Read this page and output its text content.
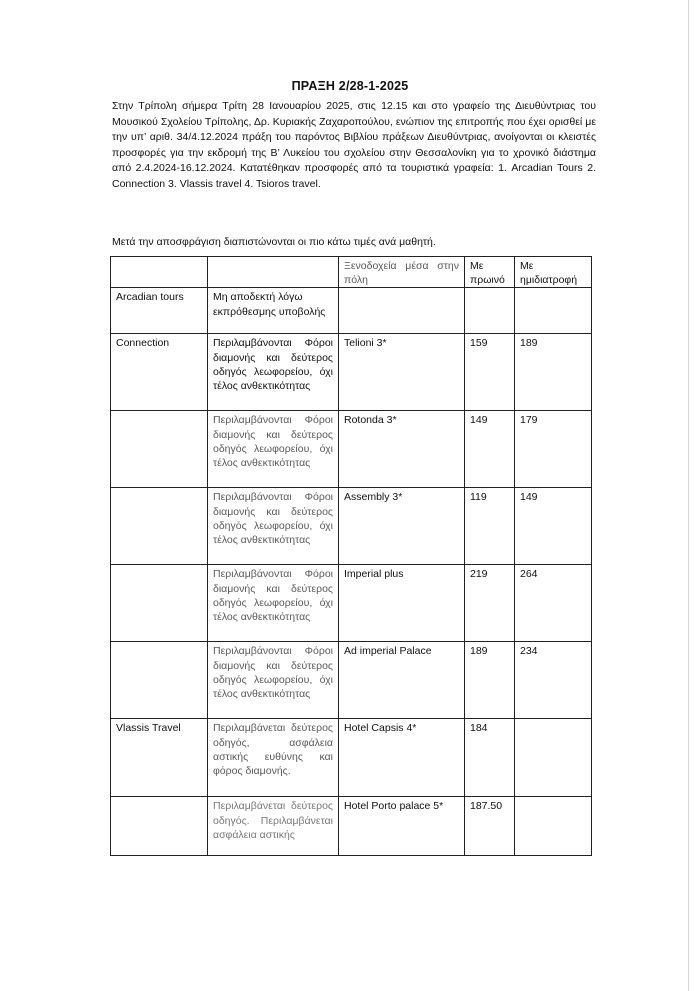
ΠΡΑΞΗ 2/28-1-2025
Στην Τρίπολη σήμερα Τρίτη 28 Ιανουαρίου 2025, στις 12.15 και στο γραφείο της Διευθύντριας του Μουσικού Σχολείου Τρίπολης, Δρ. Κυριακής Ζαχαροπούλου, ενώπιον της επιτροπής που έχει ορισθεί με την υπ’ αριθ. 34/4.12.2024 πράξη του παρόντος Βιβλίου πράξεων Διευθύντριας, ανοίγονται οι κλειστές προσφορές για την εκδρομή της Β’ Λυκείου του σχολείου στην Θεσσαλονίκη για το χρονικό διάστημα από 2.4.2024-16.12.2024. Κατατέθηκαν προσφορές από τα τουριστικά γραφεία: 1. Arcadian Tours 2. Connection 3. Vlassis travel 4. Tsioros travel.
Μετά την αποσφράγιση διαπιστώνονται οι πιο κάτω τιμές ανά μαθητή.
		Ξενοδοχεία μέσα στην πόλη	Με πρωινό	Με ημιδιατροφή
Arcadian tours	Μη αποδεκτή λόγω εκπρόθεσμης υποβολής			
Connection	Περιλαμβάνονται Φόροι διαμονής και δεύτερος οδηγός λεωφορείου, όχι τέλος ανθεκτικότητας	Telioni 3*	159	189
	Περιλαμβάνονται Φόροι διαμονής και δεύτερος οδηγός λεωφορείου, όχι τέλος ανθεκτικότητας	Rotonda 3*	149	179
	Περιλαμβάνονται Φόροι διαμονής και δεύτερος οδηγός λεωφορείου, όχι τέλος ανθεκτικότητας	Assembly 3*	119	149
	Περιλαμβάνονται Φόροι διαμονής και δεύτερος οδηγός λεωφορείου, όχι τέλος ανθεκτικότητας	Imperial plus	219	264
	Περιλαμβάνονται Φόροι διαμονής και δεύτερος οδηγός λεωφορείου, όχι τέλος ανθεκτικότητας	Ad imperial Palace	189	234
Vlassis Travel	Περιλαμβάνεται δεύτερος οδηγός, ασφάλεια αστικής ευθύνης και φόρος διαμονής.	Hotel Capsis 4*	184	
	Περιλαμβάνεται δεύτερος οδηγός. Περιλαμβάνεται ασφάλεια αστικής	Hotel Porto palace 5*	187.50	
